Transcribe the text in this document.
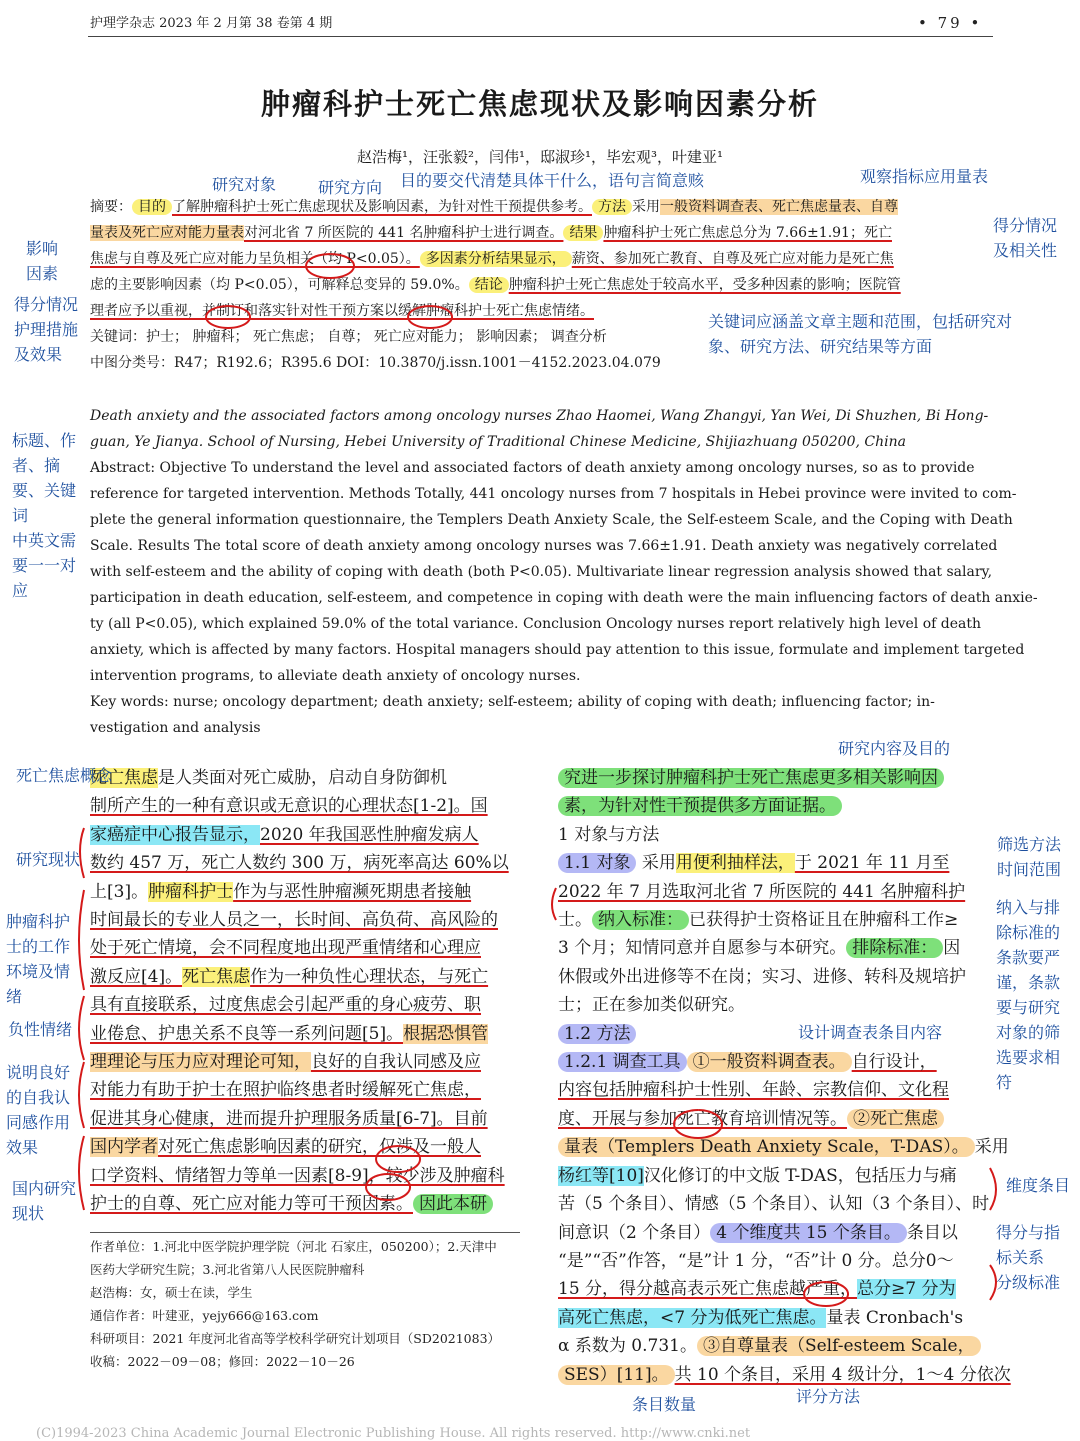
护理学杂志 2023 年 2 月第 38 卷第 4 期	• 79 •
肿瘤科护士死亡焦虑现状及影响因素分析
赵浩梅¹，汪张毅²，闫伟¹，邸淑珍¹，毕宏观³，叶建亚¹
摘要： 目的 了解肿瘤科护士死亡焦虑现状及影响因素，为针对性干预提供参考。 方法 采用一般资料调查表、死亡焦虑量表、自尊
量表及死亡应对能力量表对河北省 7 所医院的 441 名肿瘤科护士进行调查。 结果 肿瘤科护士死亡焦虑总分为 7.66±1.91；死亡
焦虑与自尊及死亡应对能力呈负相关（均 P<0.05）。 多因素分析结果显示， 薪资、参加死亡教育、自尊及死亡应对能力是死亡焦
虑的主要影响因素（均 P<0.05），可解释总变异的 59.0%。 结论 肿瘤科护士死亡焦虑处于较高水平，受多种因素的影响；医院管
理者应予以重视，并制订和落实针对性干预方案以缓解肿瘤科护士死亡焦虑情绪。
关键词：护士； 肿瘤科； 死亡焦虑； 自尊； 死亡应对能力； 影响因素； 调查分析
中图分类号：R47；R192.6；R395.6 DOI：10.3870/j.issn.1001－4152.2023.04.079
Death anxiety and the associated factors among oncology nurses Zhao Haomei, Wang Zhangyi, Yan Wei, Di Shuzhen, Bi Hong-
guan, Ye Jianya. School of Nursing, Hebei University of Traditional Chinese Medicine, Shijiazhuang 050200, China
Abstract: Objective To understand the level and associated factors of death anxiety among oncology nurses, so as to provide
reference for targeted intervention. Methods Totally, 441 oncology nurses from 7 hospitals in Hebei province were invited to com-
plete the general information questionnaire, the Templers Death Anxiety Scale, the Self-esteem Scale, and the Coping with Death
Scale. Results The total score of death anxiety among oncology nurses was 7.66±1.91. Death anxiety was negatively correlated
with self-esteem and the ability of coping with death (both P<0.05). Multivariate linear regression analysis showed that salary,
participation in death education, self-esteem, and competence in coping with death were the main influencing factors of death anxie-
ty (all P<0.05), which explained 59.0% of the total variance. Conclusion Oncology nurses report relatively high level of death
anxiety, which is affected by many factors. Hospital managers should pay attention to this issue, formulate and implement targeted
intervention programs, to alleviate death anxiety of oncology nurses.
Key words: nurse; oncology department; death anxiety; self-esteem; ability of coping with death; influencing factor; in-
vestigation and analysis
死亡焦虑是人类面对死亡威胁，启动自身防御机
制所产生的一种有意识或无意识的心理状态[1-2]。国
家癌症中心报告显示，2020 年我国恶性肿瘤发病人
数约 457 万，死亡人数约 300 万，病死率高达 60%以
上[3]。肿瘤科护士作为与恶性肿瘤濒死期患者接触
时间最长的专业人员之一，长时间、高负荷、高风险的
处于死亡情境，会不同程度地出现严重情绪和心理应
激反应[4]。死亡焦虑作为一种负性心理状态，与死亡
具有直接联系，过度焦虑会引起严重的身心疲劳、职
业倦怠、护患关系不良等一系列问题[5]。根据恐惧管
理理论与压力应对理论可知，良好的自我认同感及应
对能力有助于护士在照护临终患者时缓解死亡焦虑，
促进其身心健康，进而提升护理服务质量[6-7]。目前
国内学者对死亡焦虑影响因素的研究，仅涉及一般人
口学资料、情绪智力等单一因素[8-9]，较少涉及肿瘤科
护士的自尊、死亡应对能力等可干预因素。 因此本研
作者单位：1.河北中医学院护理学院（河北 石家庄，050200）；2.天津中
医药大学研究生院；3.河北省第八人民医院肿瘤科
赵浩梅：女，硕士在读，学生
通信作者：叶建亚，yejy666@163.com
科研项目：2021 年度河北省高等学校科学研究计划项目（SD2021083）
收稿：2022－09－08；修回：2022－10－26
究进一步探讨肿瘤科护士死亡焦虑更多相关影响因
素，为针对性干预提供多方面证据。
1 对象与方法
1.1 对象 采用用便利抽样法，于 2021 年 11 月至
2022 年 7 月选取河北省 7 所医院的 441 名肿瘤科护
士。 纳入标准： 已获得护士资格证且在肿瘤科工作≥
3 个月；知情同意并自愿参与本研究。 排除标准： 因
休假或外出进修等不在岗；实习、进修、转科及规培护
士；正在参加类似研究。
1.2 方法
1.2.1 调查工具 ①一般资料调查表。 自行设计，
内容包括肿瘤科护士性别、年龄、宗教信仰、文化程
度、开展与参加死亡教育培训情况等。 ②死亡焦虑
量表（Templers Death Anxiety Scale，T-DAS）。 采用
杨红等[10]汉化修订的中文版 T-DAS，包括压力与痛
苦（5 个条目）、情感（5 个条目）、认知（3 个条目）、时
间意识（2 个条目） 4 个维度共 15 个条目。 条目以
“是”“否”作答，“是”计 1 分，“否”计 0 分。总分0～
15 分，得分越高表示死亡焦虑越严重，总分≥7 分为
高死亡焦虑，<7 分为低死亡焦虑。量表 Cronbach's
α 系数为 0.731。 ③自尊量表（Self-esteem Scale，
SES）[11]。 共 10 个条目，采用 4 级计分，1～4 分依次
研究对象	研究方向 目的要交代清楚具体干什么，语句言简意赅	观察指标应用量表
影响
因素
得分情况
及相关性
得分情况
护理措施
及效果
关键词应涵盖文章主题和范围，包括研究对
象、研究方法、研究结果等方面
标题、作
者、摘
要、关键
词
中英文需
要一一对
应
研究内容及目的
死亡焦虑概念
研究现状
肿瘤科护
士的工作
环境及情
绪
负性情绪
说明良好
的自我认
同感作用
效果
国内研究
现状
筛选方法
时间范围
纳入与排
除标准的
条款要严
谨，条款
要与研究
对象的筛
选要求相
符
设计调查表条目内容
维度条目
得分与指
标关系
分级标准
条目数量	评分方法
(C)1994-2023 China Academic Journal Electronic Publishing House. All rights reserved. http://www.cnki.net
